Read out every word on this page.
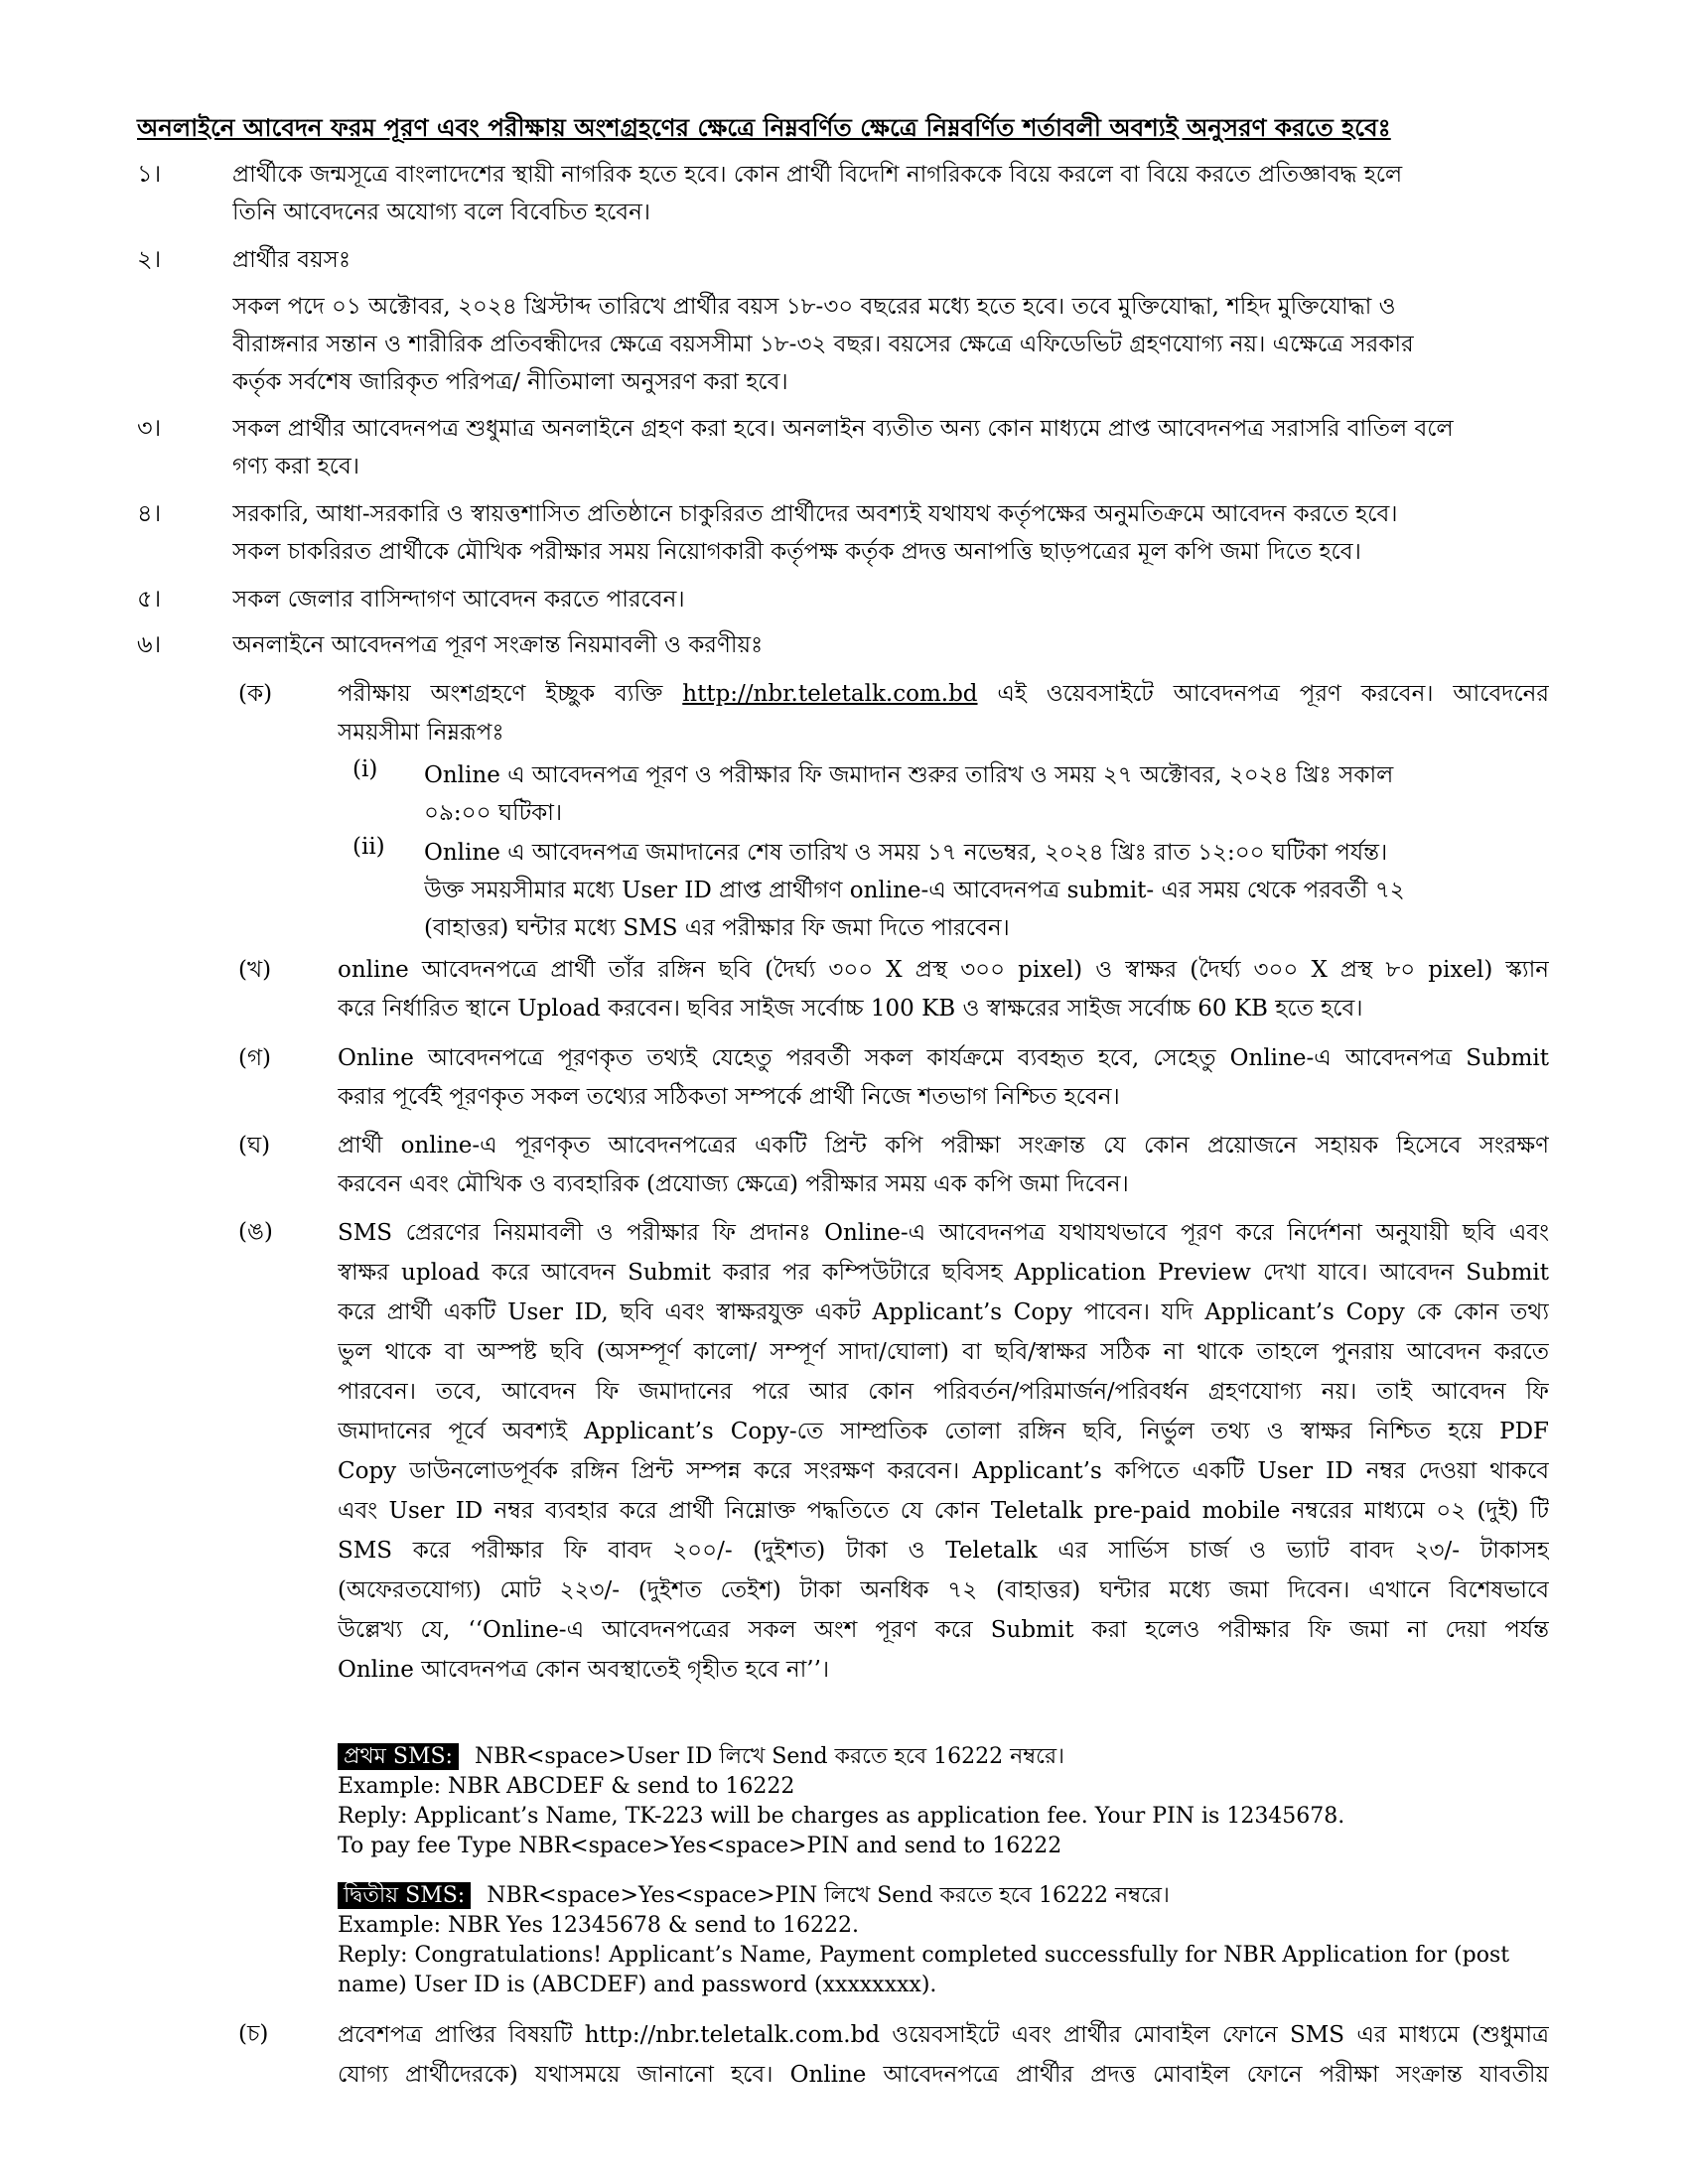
অনলাইনে আবেদন ফরম পূরণ এবং পরীক্ষায় অংশগ্রহণের ক্ষেত্রে নিম্নবর্ণিত ক্ষেত্রে নিম্নবর্ণিত শর্তাবলী অবশ্যই অনুসরণ করতে হবেঃ
১।	প্রার্থীকে জন্মসূত্রে বাংলাদেশের স্থায়ী নাগরিক হতে হবে। কোন প্রার্থী বিদেশি নাগরিককে বিয়ে করলে বা বিয়ে করতে প্রতিজ্ঞাবদ্ধ হলে
তিনি আবেদনের অযোগ্য বলে বিবেচিত হবেন।
২।	প্রার্থীর বয়সঃ
সকল পদে ০১ অক্টোবর, ২০২৪ খ্রিস্টাব্দ তারিখে প্রার্থীর বয়স ১৮-৩০ বছরের মধ্যে হতে হবে। তবে মুক্তিযোদ্ধা, শহিদ মুক্তিযোদ্ধা ও
বীরাঙ্গনার সন্তান ও শারীরিক প্রতিবন্ধীদের ক্ষেত্রে বয়সসীমা ১৮-৩২ বছর। বয়সের ক্ষেত্রে এফিডেভিট গ্রহণযোগ্য নয়। এক্ষেত্রে সরকার
কর্তৃক সর্বশেষ জারিকৃত পরিপত্র/ নীতিমালা অনুসরণ করা হবে।
৩।	সকল প্রার্থীর আবেদনপত্র শুধুমাত্র অনলাইনে গ্রহণ করা হবে। অনলাইন ব্যতীত অন্য কোন মাধ্যমে প্রাপ্ত আবেদনপত্র সরাসরি বাতিল বলে
গণ্য করা হবে।
৪।	সরকারি, আধা-সরকারি ও স্বায়ত্তশাসিত প্রতিষ্ঠানে চাকুরিরত প্রার্থীদের অবশ্যই যথাযথ কর্তৃপক্ষের অনুমতিক্রমে আবেদন করতে হবে।
সকল চাকরিরত প্রার্থীকে মৌখিক পরীক্ষার সময় নিয়োগকারী কর্তৃপক্ষ কর্তৃক প্রদত্ত অনাপত্তি ছাড়পত্রের মূল কপি জমা দিতে হবে।
৫।	সকল জেলার বাসিন্দাগণ আবেদন করতে পারবেন।
৬।	অনলাইনে আবেদনপত্র পূরণ সংক্রান্ত নিয়মাবলী ও করণীয়ঃ
(ক)	পরীক্ষায় অংশগ্রহণে ইচ্ছুক ব্যক্তি http://nbr.teletalk.com.bd এই ওয়েবসাইটে আবেদনপত্র পূরণ করবেন। আবেদনের
সময়সীমা নিম্নরূপঃ
(i) Online এ আবেদনপত্র পূরণ ও পরীক্ষার ফি জমাদান শুরুর তারিখ ও সময় ২৭ অক্টোবর, ২০২৪ খ্রিঃ সকাল
০৯:০০ ঘটিকা।
(ii) Online এ আবেদনপত্র জমাদানের শেষ তারিখ ও সময় ১৭ নভেম্বর, ২০২৪ খ্রিঃ রাত ১২:০০ ঘটিকা পর্যন্ত।
উক্ত সময়সীমার মধ্যে User ID প্রাপ্ত প্রার্থীগণ online-এ আবেদনপত্র submit- এর সময় থেকে পরবর্তী ৭২
(বাহাত্তর) ঘন্টার মধ্যে SMS এর পরীক্ষার ফি জমা দিতে পারবেন।
(খ)	online আবেদনপত্রে প্রার্থী তাঁর রঙ্গিন ছবি (দৈর্ঘ্য ৩০০ X প্রস্থ ৩০০ pixel) ও স্বাক্ষর (দৈর্ঘ্য ৩০০ X প্রস্থ ৮০ pixel) স্ক্যান
করে নির্ধারিত স্থানে Upload করবেন। ছবির সাইজ সর্বোচ্চ 100 KB ও স্বাক্ষরের সাইজ সর্বোচ্চ 60 KB হতে হবে।
(গ)	Online আবেদনপত্রে পূরণকৃত তথ্যই যেহেতু পরবর্তী সকল কার্যক্রমে ব্যবহৃত হবে, সেহেতু Online-এ আবেদনপত্র Submit
করার পূর্বেই পূরণকৃত সকল তথ্যের সঠিকতা সম্পর্কে প্রার্থী নিজে শতভাগ নিশ্চিত হবেন।
(ঘ)	প্রার্থী online-এ পূরণকৃত আবেদনপত্রের একটি প্রিন্ট কপি পরীক্ষা সংক্রান্ত যে কোন প্রয়োজনে সহায়ক হিসেবে সংরক্ষণ
করবেন এবং মৌখিক ও ব্যবহারিক (প্রযোজ্য ক্ষেত্রে) পরীক্ষার সময় এক কপি জমা দিবেন।
(ঙ)	SMS প্রেরণের নিয়মাবলী ও পরীক্ষার ফি প্রদানঃ Online-এ আবেদনপত্র যথাযথভাবে পূরণ করে নির্দেশনা অনুযায়ী ছবি এবং
স্বাক্ষর upload করে আবেদন Submit করার পর কম্পিউটারে ছবিসহ Application Preview দেখা যাবে। আবেদন Submit
করে প্রার্থী একটি User ID, ছবি এবং স্বাক্ষরযুক্ত একট Applicant’s Copy পাবেন। যদি Applicant’s Copy কে কোন তথ্য
ভুল থাকে বা অস্পষ্ট ছবি (অসম্পূর্ণ কালো/ সম্পূর্ণ সাদা/ঘোলা) বা ছবি/স্বাক্ষর সঠিক না থাকে তাহলে পুনরায় আবেদন করতে
পারবেন। তবে, আবেদন ফি জমাদানের পরে আর কোন পরিবর্তন/পরিমার্জন/পরিবর্ধন গ্রহণযোগ্য নয়। তাই আবেদন ফি
জমাদানের পূর্বে অবশ্যই Applicant’s Copy-তে সাম্প্রতিক তোলা রঙ্গিন ছবি, নির্ভুল তথ্য ও স্বাক্ষর নিশ্চিত হয়ে PDF
Copy ডাউনলোডপূর্বক রঙ্গিন প্রিন্ট সম্পন্ন করে সংরক্ষণ করবেন। Applicant’s কপিতে একটি User ID নম্বর দেওয়া থাকবে
এবং User ID নম্বর ব্যবহার করে প্রার্থী নিম্নোক্ত পদ্ধতিতে যে কোন Teletalk pre-paid mobile নম্বরের মাধ্যমে ০২ (দুই) টি
SMS করে পরীক্ষার ফি বাবদ ২০০/- (দুইশত) টাকা ও Teletalk এর সার্ভিস চার্জ ও ভ্যাট বাবদ ২৩/- টাকাসহ
(অফেরতযোগ্য) মোট ২২৩/- (দুইশত তেইশ) টাকা অনধিক ৭২ (বাহাত্তর) ঘন্টার মধ্যে জমা দিবেন। এখানে বিশেষভাবে
উল্লেখ্য যে, ‘‘Online-এ আবেদনপত্রের সকল অংশ পূরণ করে Submit করা হলেও পরীক্ষার ফি জমা না দেয়া পর্যন্ত
Online আবেদনপত্র কোন অবস্থাতেই গৃহীত হবে না’’।
প্রথম SMS: NBR<space>User ID লিখে Send করতে হবে 16222 নম্বরে।
Example: NBR ABCDEF & send to 16222
Reply: Applicant’s Name, TK-223 will be charges as application fee. Your PIN is 12345678.
To pay fee Type NBR<space>Yes<space>PIN and send to 16222
দ্বিতীয় SMS: NBR<space>Yes<space>PIN লিখে Send করতে হবে 16222 নম্বরে।
Example: NBR Yes 12345678 & send to 16222.
Reply: Congratulations! Applicant’s Name, Payment completed successfully for NBR Application for (post
name) User ID is (ABCDEF) and password (xxxxxxxx).
(চ)	প্রবেশপত্র প্রাপ্তির বিষয়টি http://nbr.teletalk.com.bd ওয়েবসাইটে এবং প্রার্থীর মোবাইল ফোনে SMS এর মাধ্যমে (শুধুমাত্র
যোগ্য প্রার্থীদেরকে) যথাসময়ে জানানো হবে। Online আবেদনপত্রে প্রার্থীর প্রদত্ত মোবাইল ফোনে পরীক্ষা সংক্রান্ত যাবতীয়
